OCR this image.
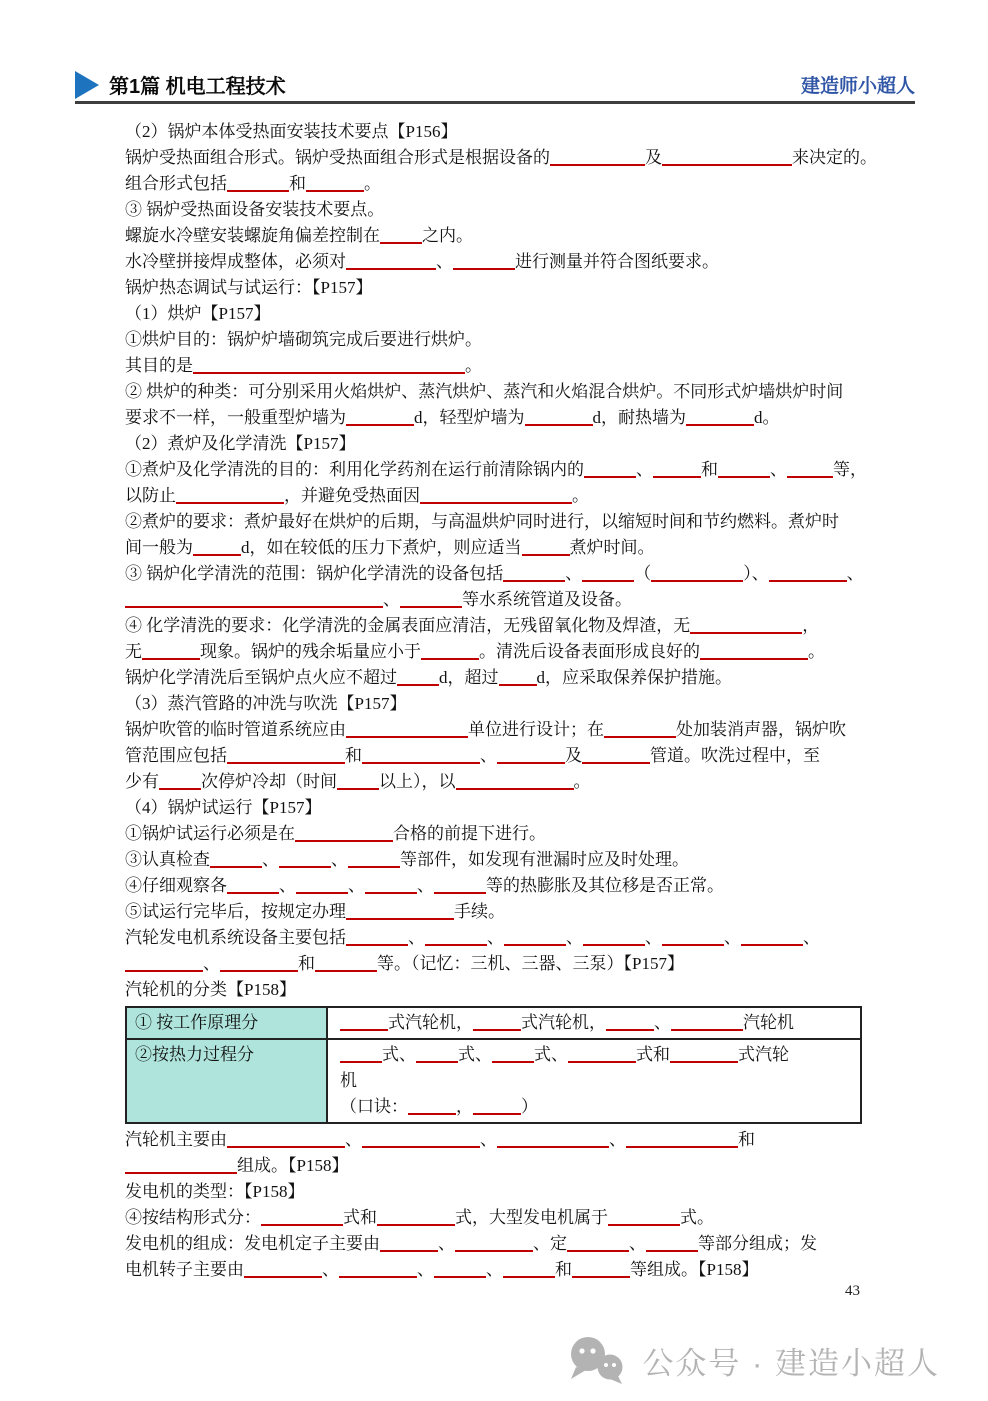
第1篇 机电工程技术	建造师小超人
（2）锅炉本体受热面安装技术要点【P156】
锅炉受热面组合形式。锅炉受热面组合形式是根据设备的	及	来决定的。
组合形式包括	和	。
③ 锅炉受热面设备安装技术要点。
螺旋水冷壁安装螺旋角偏差控制在 之内。
水冷壁拼接焊成整体，必须对	、	进行测量并符合图纸要求。
锅炉热态调试与试运行：【P157】
（1）烘炉【P157】
①烘炉目的：锅炉炉墙砌筑完成后要进行烘炉。
其目的是	。
② 烘炉的种类：可分别采用火焰烘炉、蒸汽烘炉、蒸汽和火焰混合烘炉。不同形式炉墙烘炉时间
要求不一样，一般重型炉墙为	d，轻型炉墙为	d，耐热墙为	d。
（2）煮炉及化学清洗【P157】
①煮炉及化学清洗的目的：利用化学药剂在运行前清除锅内的	、	和	、	等，
以防止	，并避免受热面因	。
②煮炉的要求：煮炉最好在烘炉的后期，与高温烘炉同时进行，以缩短时间和节约燃料。煮炉时
间一般为	d，如在较低的压力下煮炉，则应适当	煮炉时间。
③ 锅炉化学清洗的范围：锅炉化学清洗的设备包括	、	（	）、	、
、	等水系统管道及设备。
④ 化学清洗的要求：化学清洗的金属表面应清洁，无残留氧化物及焊渣，无	，
无	现象。锅炉的残余垢量应小于	。清洗后设备表面形成良好的	。
锅炉化学清洗后至锅炉点火应不超过 d，超过 d，应采取保养保护措施。
（3）蒸汽管路的冲洗与吹洗【P157】
锅炉吹管的临时管道系统应由	单位进行设计；在	处加装消声器，锅炉吹
管范围应包括	和	、	及	管道。吹洗过程中，至
少有 次停炉冷却（时间 以上），以	。
（4）锅炉试运行【P157】
①锅炉试运行必须是在	合格的前提下进行。
③认真检查	、	、	等部件，如发现有泄漏时应及时处理。
④仔细观察各	、	、	、	等的热膨胀及其位移是否正常。
⑤试运行完毕后，按规定办理	手续。
汽轮发电机系统设备主要包括	、	、	、	、	、	、
、	和	等。（记忆：三机、三器、三泵）【P157】
汽轮机的分类【P158】
① 按工作原理分	式汽轮机， 式汽轮机， 、 汽轮机
②按热力过程分	式、 式、 式、 式和 式汽轮
机
（口诀： ， ）
汽轮机主要由	、	、	、	和
组成。【P158】
发电机的类型：【P158】
④按结构形式分：	式和	式，大型发电机属于	式。
发电机的组成：发电机定子主要由	、	、定	、	等部分组成；发
电机转子主要由	、	、	、	和	等组成。【P158】
43
公众号 · 建造小超人
